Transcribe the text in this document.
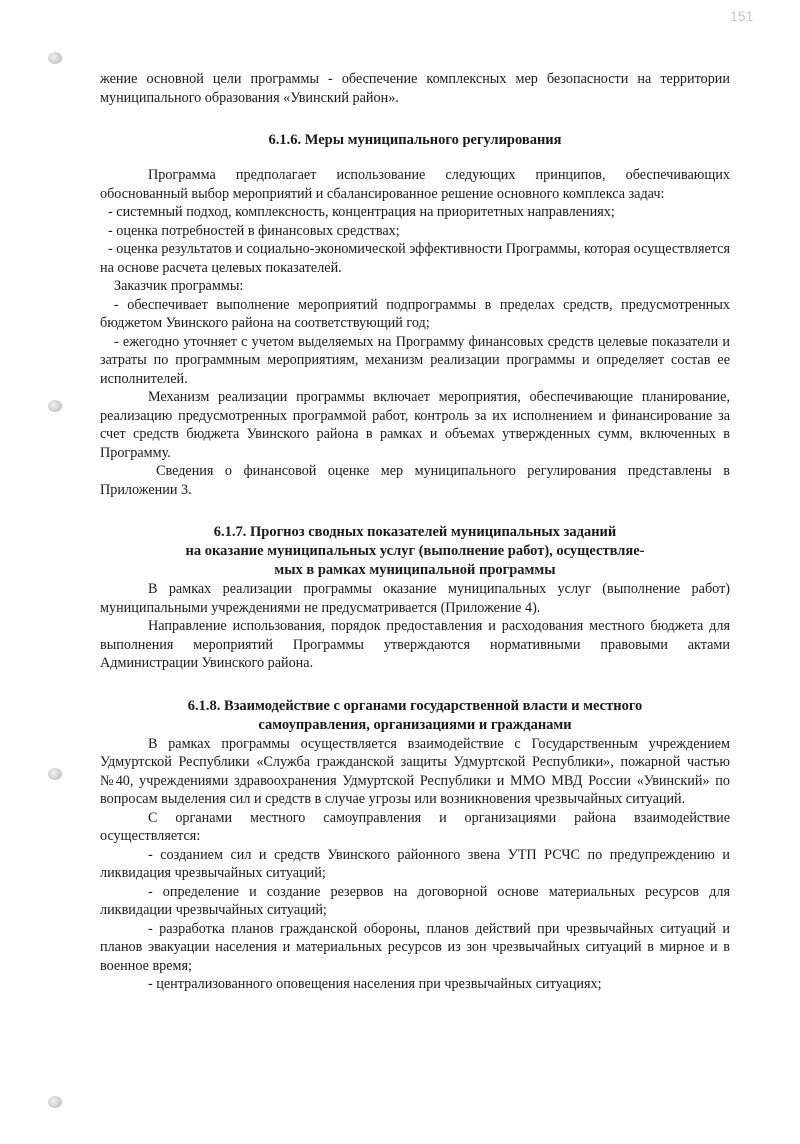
151

жение основной цели программы - обеспечение комплексных мер безопасности на территории муниципального образования «Увинский район».

6.1.6. Меры муниципального регулирования

Программа предполагает использование следующих принципов, обеспечивающих обоснованный выбор мероприятий и сбалансированное решение основного комплекса задач:

- системный подход, комплексность, концентрация на приоритетных направлениях;

- оценка потребностей в финансовых средствах;

- оценка результатов и социально-экономической эффективности Программы, которая осуществляется на основе расчета целевых показателей.

Заказчик программы:

- обеспечивает выполнение мероприятий подпрограммы в пределах средств, предусмотренных бюджетом Увинского района на соответствующий год;

- ежегодно уточняет с учетом выделяемых на Программу финансовых средств целевые показатели и затраты по программным мероприятиям, механизм реализации программы и определяет состав ее исполнителей.

Механизм реализации программы включает мероприятия, обеспечивающие планирование, реализацию предусмотренных программой работ, контроль за их исполнением и финансирование за счет средств бюджета Увинского района в рамках и объемах утвержденных сумм, включенных в Программу.

Сведения о финансовой оценке мер муниципального регулирования представлены в Приложении 3.

6.1.7. Прогноз сводных показателей муниципальных заданий
на оказание муниципальных услуг (выполнение работ), осуществляе-
мых в рамках муниципальной программы

В рамках реализации программы оказание муниципальных услуг (выполнение работ) муниципальными учреждениями не предусматривается (Приложение 4).

Направление использования, порядок предоставления и расходования местного бюджета для выполнения мероприятий Программы утверждаются нормативными правовыми актами Администрации Увинского района.

6.1.8. Взаимодействие с органами государственной власти и местного
самоуправления, организациями и гражданами

В рамках программы осуществляется взаимодействие с Государственным учреждением Удмуртской Республики «Служба гражданской защиты Удмуртской Республики», пожарной частью №40, учреждениями здравоохранения Удмуртской Республики и ММО МВД России «Увинский» по вопросам выделения сил и средств в случае угрозы или возникновения чрезвычайных ситуаций.

С органами местного самоуправления и организациями района взаимодействие осуществляется:

- созданием сил и средств Увинского районного звена УТП РСЧС по предупреждению и ликвидация чрезвычайных ситуаций;

- определение и создание резервов на договорной основе материальных ресурсов для ликвидации чрезвычайных ситуаций;

- разработка планов гражданской обороны, планов действий при чрезвычайных ситуаций и планов эвакуации населения и материальных ресурсов из зон чрезвычайных ситуаций в мирное и в военное время;

- централизованного оповещения населения при чрезвычайных ситуациях;
